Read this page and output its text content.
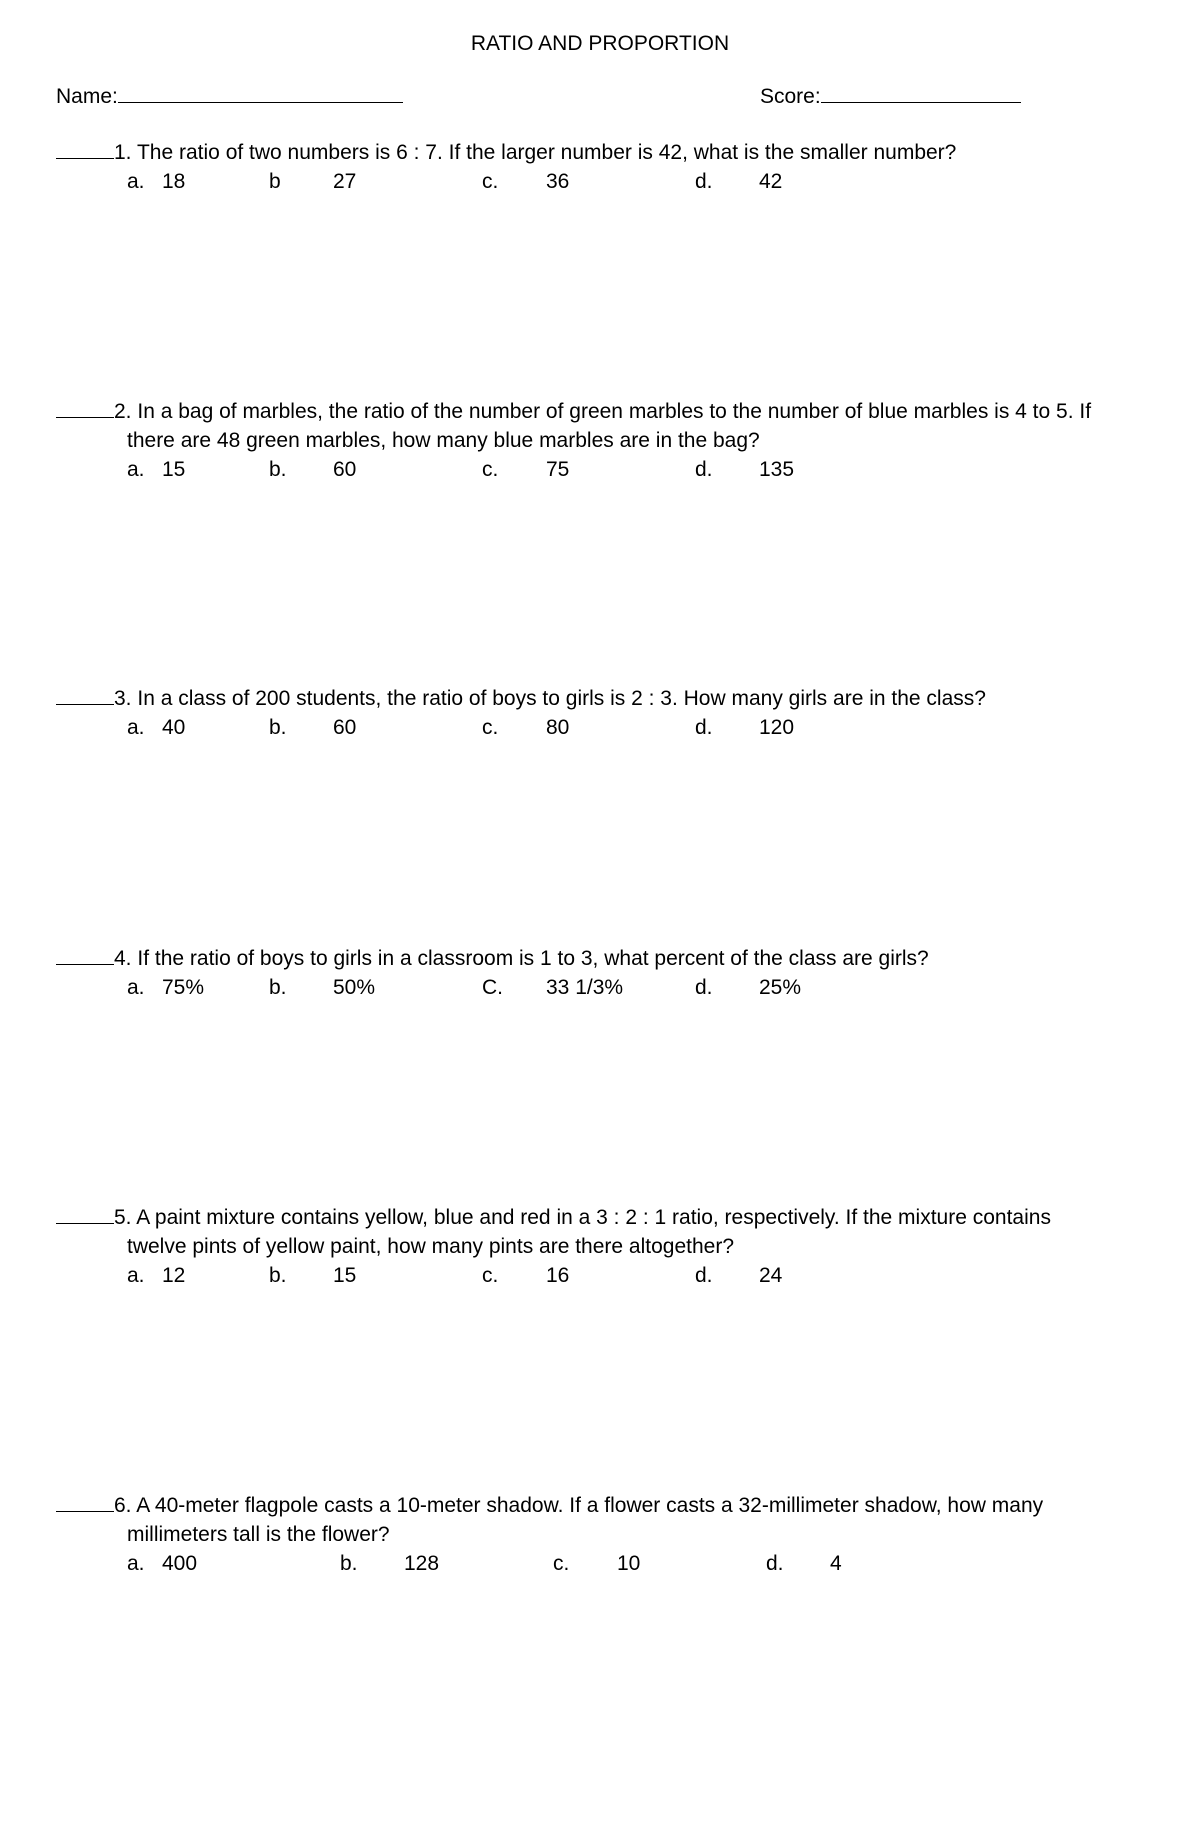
RATIO AND PROPORTION
Name:	Score:
1. The ratio of two numbers is 6 : 7. If the larger number is 42, what is the smaller number?
a. 18	b 27	c. 36	d. 42
2. In a bag of marbles, the ratio of the number of green marbles to the number of blue marbles is 4 to 5. If
there are 48 green marbles, how many blue marbles are in the bag?
a. 15	b. 60	c. 75	d. 135
3. In a class of 200 students, the ratio of boys to girls is 2 : 3. How many girls are in the class?
a. 40	b. 60	c. 80	d. 120
4. If the ratio of boys to girls in a classroom is 1 to 3, what percent of the class are girls?
a. 75%	b. 50%	C. 33 1/3%	d. 25%
5. A paint mixture contains yellow, blue and red in a 3 : 2 : 1 ratio, respectively. If the mixture contains
twelve pints of yellow paint, how many pints are there altogether?
a. 12	b. 15	c. 16	d. 24
6. A 40-meter flagpole casts a 10-meter shadow. If a flower casts a 32-millimeter shadow, how many
millimeters tall is the flower?
a. 400	b. 128	c. 10	d. 4
